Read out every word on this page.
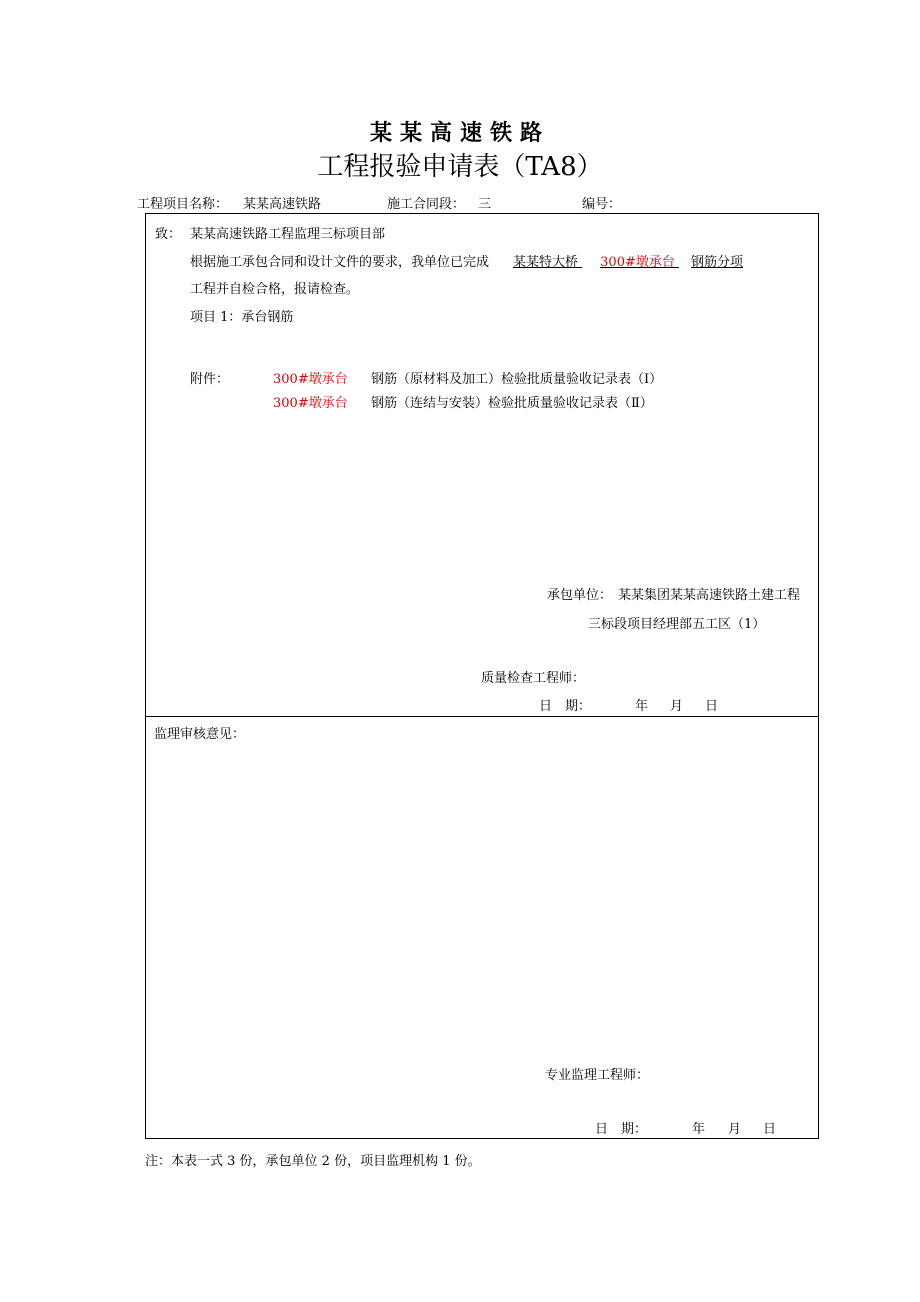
某某高速铁路
工程报验申请表（TA8）
工程项目名称： 某某高速铁路	施工合同段： 三	编号：
致： 某某高速铁路工程监理三标项目部
根据施工承包合同和设计文件的要求，我单位已完成	某某特大桥 300#墩承台 钢筋分项
工程并自检合格，报请检查。
项目 1：承台钢筋
附件：	300#墩承台 钢筋（原材料及加工）检验批质量验收记录表（Ⅰ）
300#墩承台 钢筋（连结与安装）检验批质量验收记录表（Ⅱ）
承包单位： 某某集团某某高速铁路土建工程
三标段项目经理部五工区（1）
质量检查工程师：
日　期：	年 月 日
监理审核意见：
专业监理工程师：
日　期：	年 月 日
注：本表一式 3 份，承包单位 2 份，项目监理机构 1 份。
